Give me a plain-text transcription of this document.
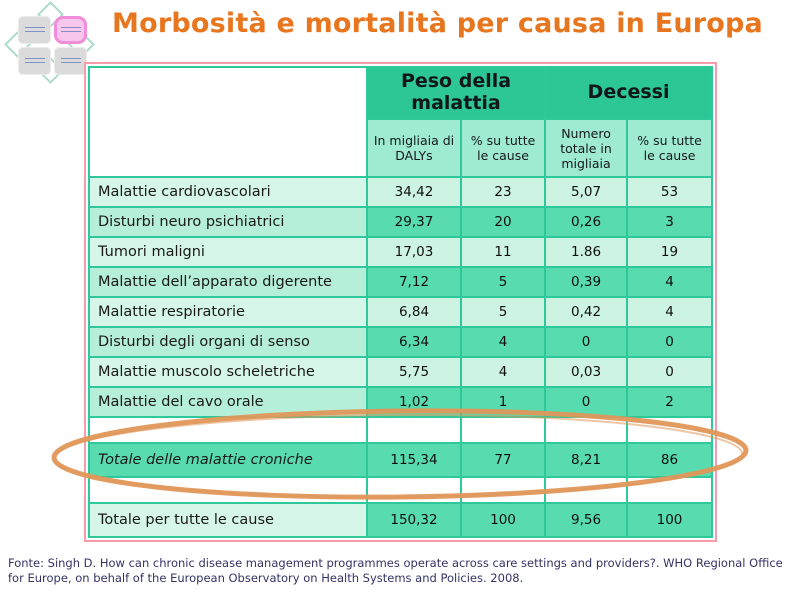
Morbosità e mortalità per causa in Europa
	Peso della malattia		Decessi	
	In migliaia di DALYs	% su tutte le cause	Numero totale in migliaia	% su tutte le cause
Malattie cardiovascolari	34,42	23	5,07	53
Disturbi neuro psichiatrici	29,37	20	0,26	3
Tumori maligni	17,03	11	1.86	19
Malattie dell’apparato digerente	7,12	5	0,39	4
Malattie respiratorie	6,84	5	0,42	4
Disturbi degli organi di senso	6,34	4	0	0
Malattie muscolo scheletriche	5,75	4	0,03	0
Malattie del cavo orale	1,02	1	0	2

Totale delle malattie croniche	115,34	77	8,21	86

Totale per tutte le cause	150,32	100	9,56	100

Fonte: Singh D. How can chronic disease management programmes operate across care settings and providers?. WHO Regional Office for Europe, on behalf of the European Observatory on Health Systems and Policies. 2008.
